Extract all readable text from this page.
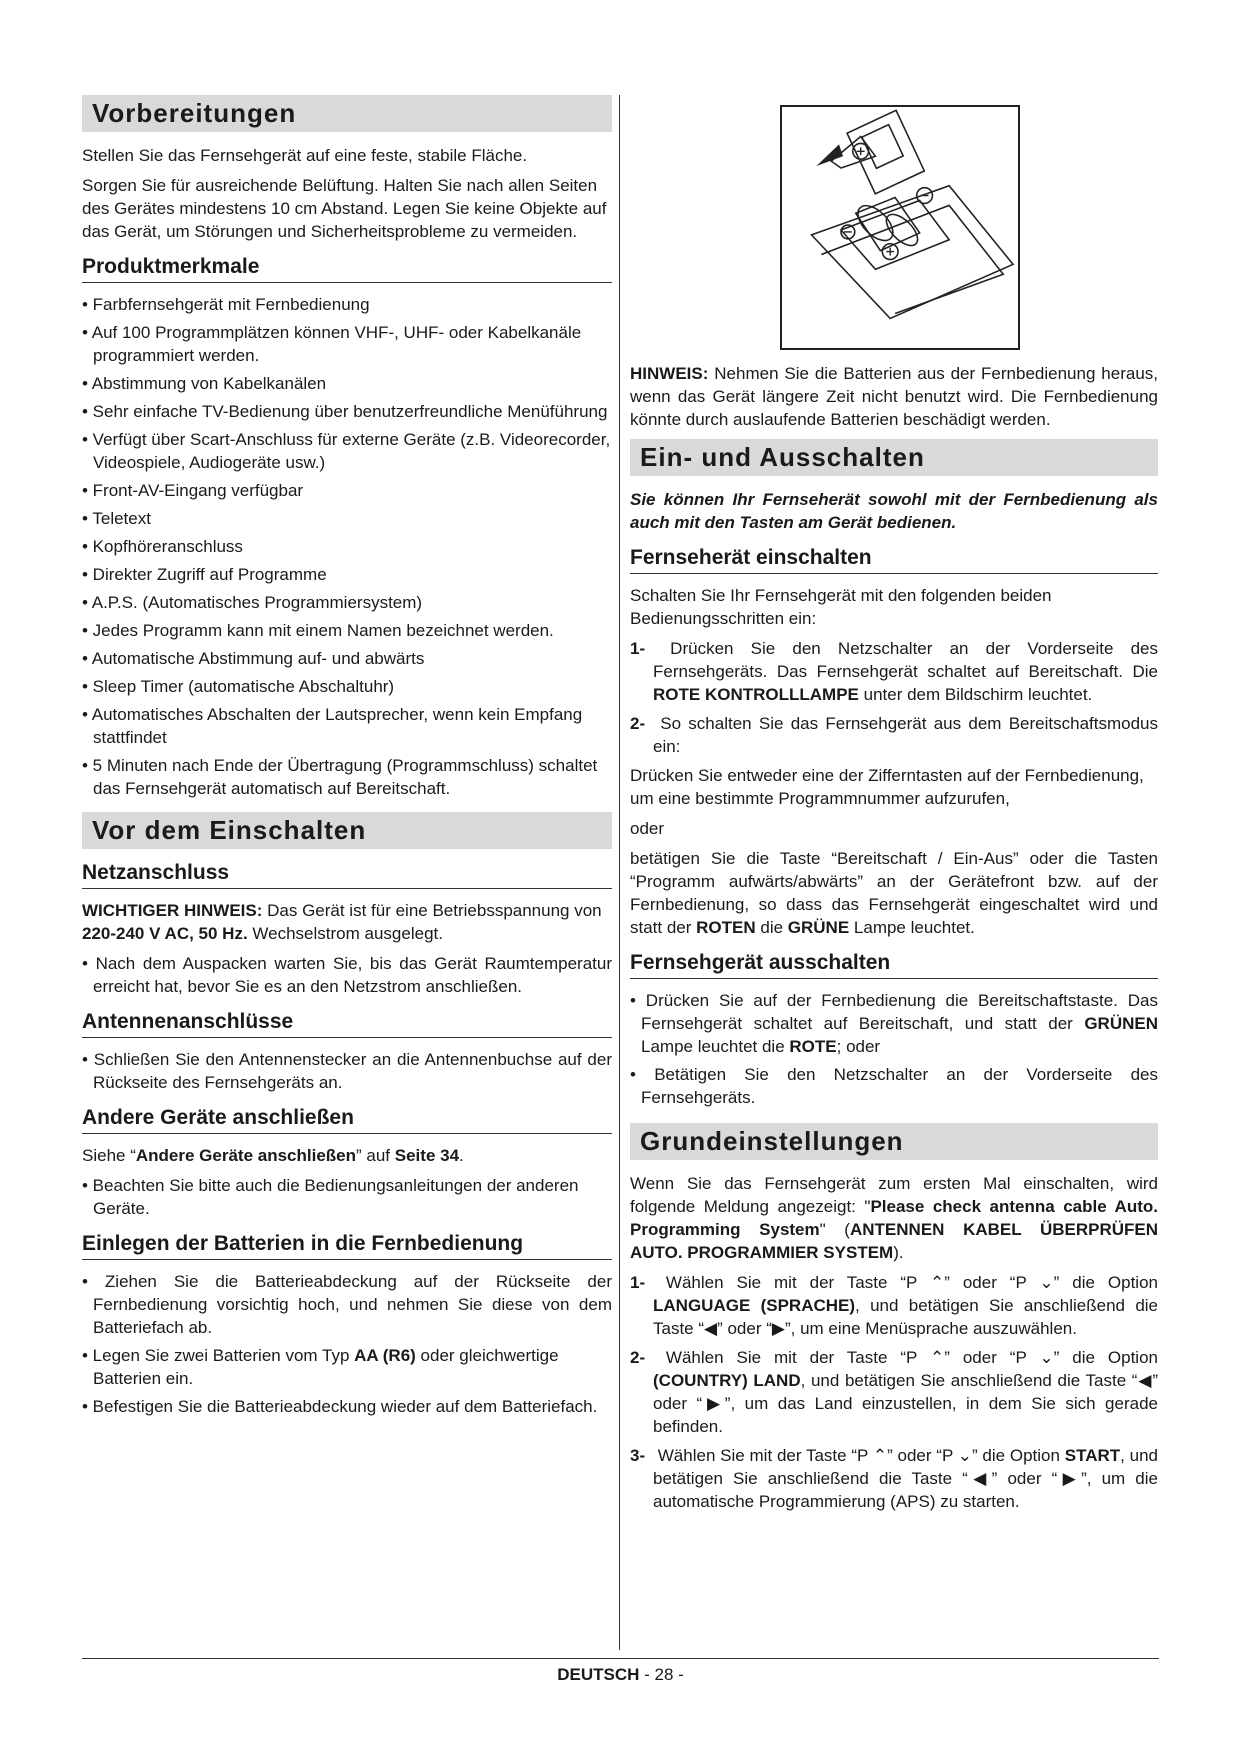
Vorbereitungen

Stellen Sie das Fernsehgerät auf eine feste, stabile Fläche.

Sorgen Sie für ausreichende Belüftung. Halten Sie nach allen Seiten des Gerätes mindestens 10 cm Abstand. Legen Sie keine Objekte auf das Gerät, um Störungen und Sicherheitsprobleme zu vermeiden.

Produktmerkmale
• Farbfernsehgerät mit Fernbedienung
• Auf 100 Programmplätzen können VHF-, UHF- oder Kabelkanäle programmiert werden.
• Abstimmung von Kabelkanälen
• Sehr einfache TV-Bedienung über benutzerfreundliche Menüführung
• Verfügt über Scart-Anschluss für externe Geräte (z.B. Videorecorder, Videospiele, Audiogeräte usw.)
• Front-AV-Eingang verfügbar
• Teletext
• Kopfhöreranschluss
• Direkter Zugriff auf Programme
• A.P.S. (Automatisches Programmiersystem)
• Jedes Programm kann mit einem Namen bezeichnet werden.
• Automatische Abstimmung auf- und abwärts
• Sleep Timer (automatische Abschaltuhr)
• Automatisches Abschalten der Lautsprecher, wenn kein Empfang stattfindet
• 5 Minuten nach Ende der Übertragung (Programmschluss) schaltet das Fernsehgerät automatisch auf Bereitschaft.
Vor dem Einschalten
Netzanschluss

WICHTIGER HINWEIS: Das Gerät ist für eine Betriebsspannung von 220-240 V AC, 50 Hz. Wechselstrom ausgelegt.

• Nach dem Auspacken warten Sie, bis das Gerät Raumtemperatur erreicht hat, bevor Sie es an den Netzstrom anschließen.
Antennenanschlüsse
• Schließen Sie den Antennenstecker an die Antennenbuchse auf der Rückseite des Fernsehgeräts an.
Andere Geräte anschließen

Siehe “Andere Geräte anschließen” auf Seite 34.

• Beachten Sie bitte auch die Bedienungsanleitungen der anderen Geräte.
Einlegen der Batterien in die Fernbedienung
• Ziehen Sie die Batterieabdeckung auf der Rückseite der Fernbedienung vorsichtig hoch, und nehmen Sie diese von dem Batteriefach ab.
• Legen Sie zwei Batterien vom Typ AA (R6) oder gleichwertige Batterien ein.
• Befestigen Sie die Batterieabdeckung wieder auf dem Batteriefach.

HINWEIS: Nehmen Sie die Batterien aus der Fernbedienung heraus, wenn das Gerät längere Zeit nicht benutzt wird. Die Fernbedienung könnte durch auslaufende Batterien beschädigt werden.

Ein- und Ausschalten

Sie können Ihr Fernseherät sowohl mit der Fernbedienung als auch mit den Tasten am Gerät bedienen.

Fernseherät einschalten

Schalten Sie Ihr Fernsehgerät mit den folgenden beiden Bedienungsschritten ein:

1- Drücken Sie den Netzschalter an der Vorderseite des Fernsehgeräts. Das Fernsehgerät schaltet auf Bereitschaft. Die ROTE KONTROLLLAMPE unter dem Bildschirm leuchtet.
2- So schalten Sie das Fernsehgerät aus dem Bereitschaftsmodus ein:

Drücken Sie entweder eine der Zifferntasten auf der Fernbedienung, um eine bestimmte Programmnummer aufzurufen,

oder

betätigen Sie die Taste “Bereitschaft / Ein-Aus” oder die Tasten “Programm aufwärts/abwärts” an der Gerätefront bzw. auf der Fernbedienung, so dass das Fernsehgerät eingeschaltet wird und statt der ROTEN die GRÜNE Lampe leuchtet.

Fernsehgerät ausschalten
• Drücken Sie auf der Fernbedienung die Bereitschaftstaste. Das Fernsehgerät schaltet auf Bereitschaft, und statt der GRÜNEN Lampe leuchtet die ROTE; oder
• Betätigen Sie den Netzschalter an der Vorderseite des Fernsehgeräts.
Grundeinstellungen

Wenn Sie das Fernsehgerät zum ersten Mal einschalten, wird folgende Meldung angezeigt: "Please check antenna cable Auto. Programming System" (ANTENNEN KABEL ÜBERPRÜFEN AUTO. PROGRAMMIER SYSTEM).

1- Wählen Sie mit der Taste “P ⌃” oder “P ⌄” die Option LANGUAGE (SPRACHE), und betätigen Sie anschließend die Taste “◀” oder “▶”, um eine Menüsprache auszuwählen.
2- Wählen Sie mit der Taste “P ⌃” oder “P ⌄” die Option (COUNTRY) LAND, und betätigen Sie anschließend die Taste “◀” oder “▶”, um das Land einzustellen, in dem Sie sich gerade befinden.
3- Wählen Sie mit der Taste “P ⌃” oder “P ⌄” die Option START, und betätigen Sie anschließend die Taste “◀” oder “▶”, um die automatische Programmierung (APS) zu starten.
DEUTSCH - 28 -
